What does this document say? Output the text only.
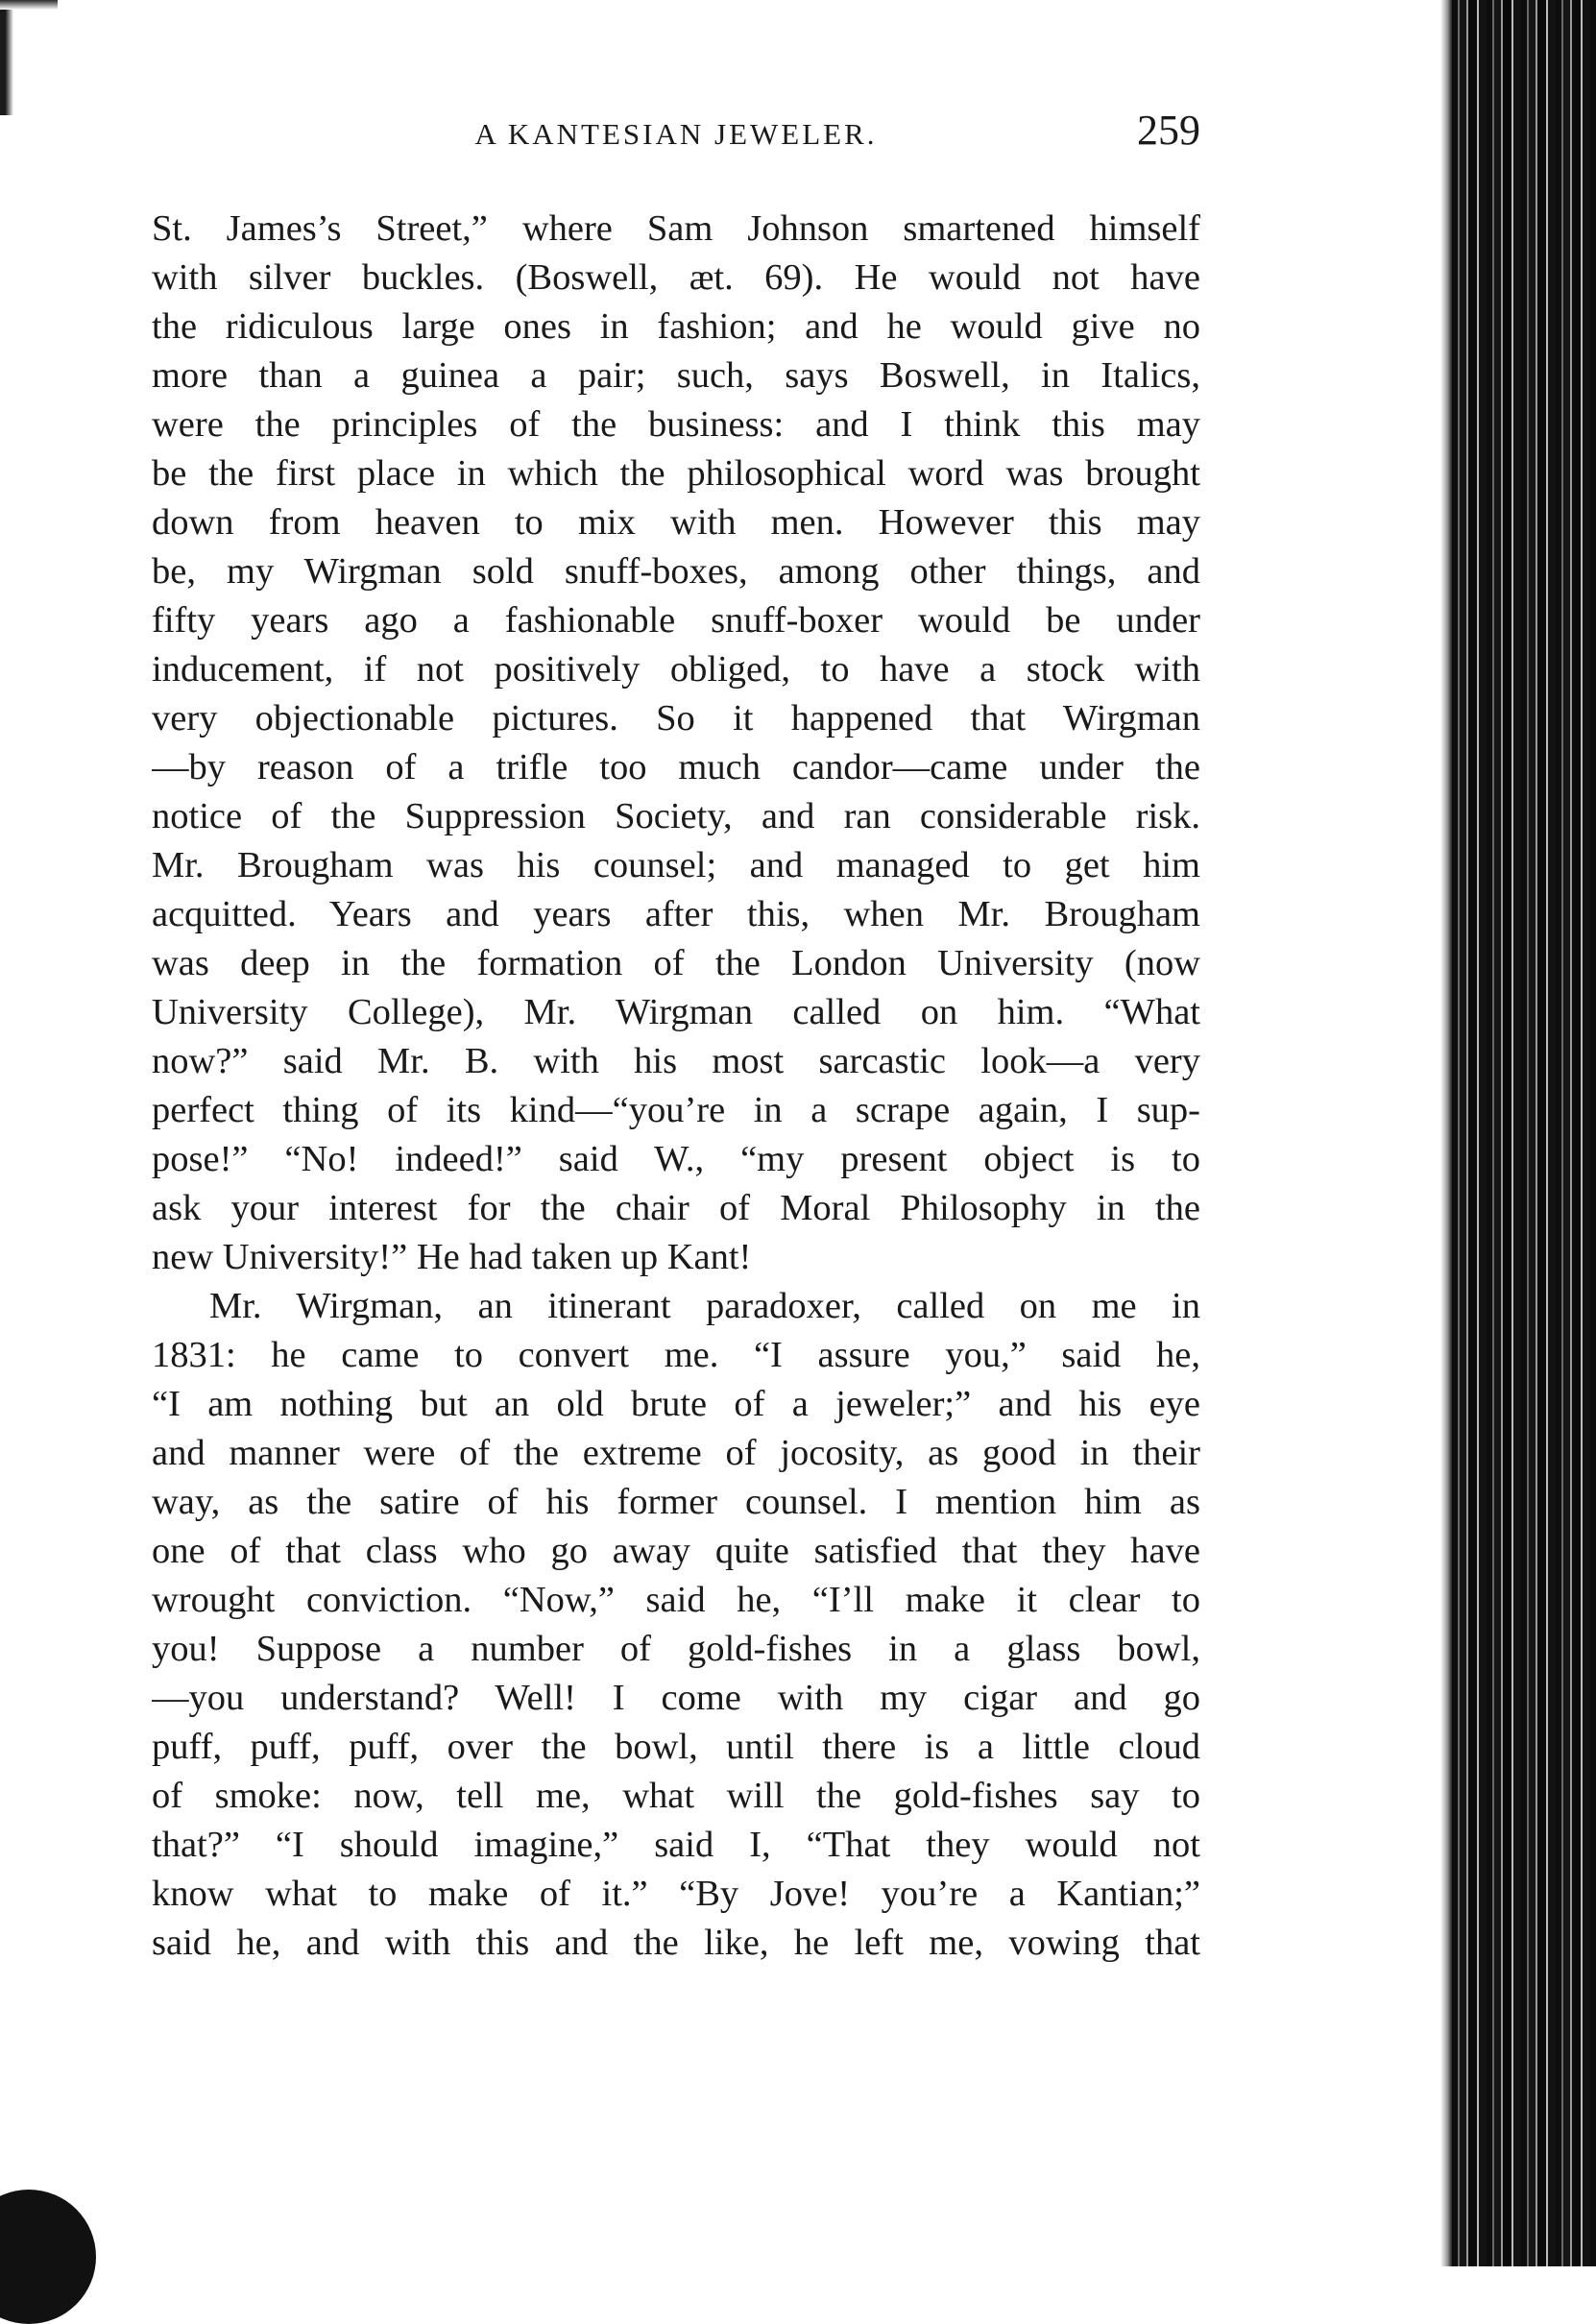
A KANTESIAN JEWELER.	259
St. James’s Street,” where Sam Johnson smartened himself
with silver buckles. (Boswell, æt. 69). He would not have
the ridiculous large ones in fashion; and he would give no
more than a guinea a pair; such, says Boswell, in Italics,
were the principles of the business: and I think this may
be the first place in which the philosophical word was brought
down from heaven to mix with men. However this may
be, my Wirgman sold snuff-boxes, among other things, and
fifty years ago a fashionable snuff-boxer would be under
inducement, if not positively obliged, to have a stock with
very objectionable pictures. So it happened that Wirgman
—by reason of a trifle too much candor—came under the
notice of the Suppression Society, and ran considerable risk.
Mr. Brougham was his counsel; and managed to get him
acquitted. Years and years after this, when Mr. Brougham
was deep in the formation of the London University (now
University College), Mr. Wirgman called on him. “What
now?” said Mr. B. with his most sarcastic look—a very
perfect thing of its kind—“you’re in a scrape again, I sup-
pose!” “No! indeed!” said W., “my present object is to
ask your interest for the chair of Moral Philosophy in the
new University!” He had taken up Kant!
Mr. Wirgman, an itinerant paradoxer, called on me in
1831: he came to convert me. “I assure you,” said he,
“I am nothing but an old brute of a jeweler;” and his eye
and manner were of the extreme of jocosity, as good in their
way, as the satire of his former counsel. I mention him as
one of that class who go away quite satisfied that they have
wrought conviction. “Now,” said he, “I’ll make it clear to
you! Suppose a number of gold-fishes in a glass bowl,
—you understand? Well! I come with my cigar and go
puff, puff, puff, over the bowl, until there is a little cloud
of smoke: now, tell me, what will the gold-fishes say to
that?” “I should imagine,” said I, “That they would not
know what to make of it.” “By Jove! you’re a Kantian;”
said he, and with this and the like, he left me, vowing that
